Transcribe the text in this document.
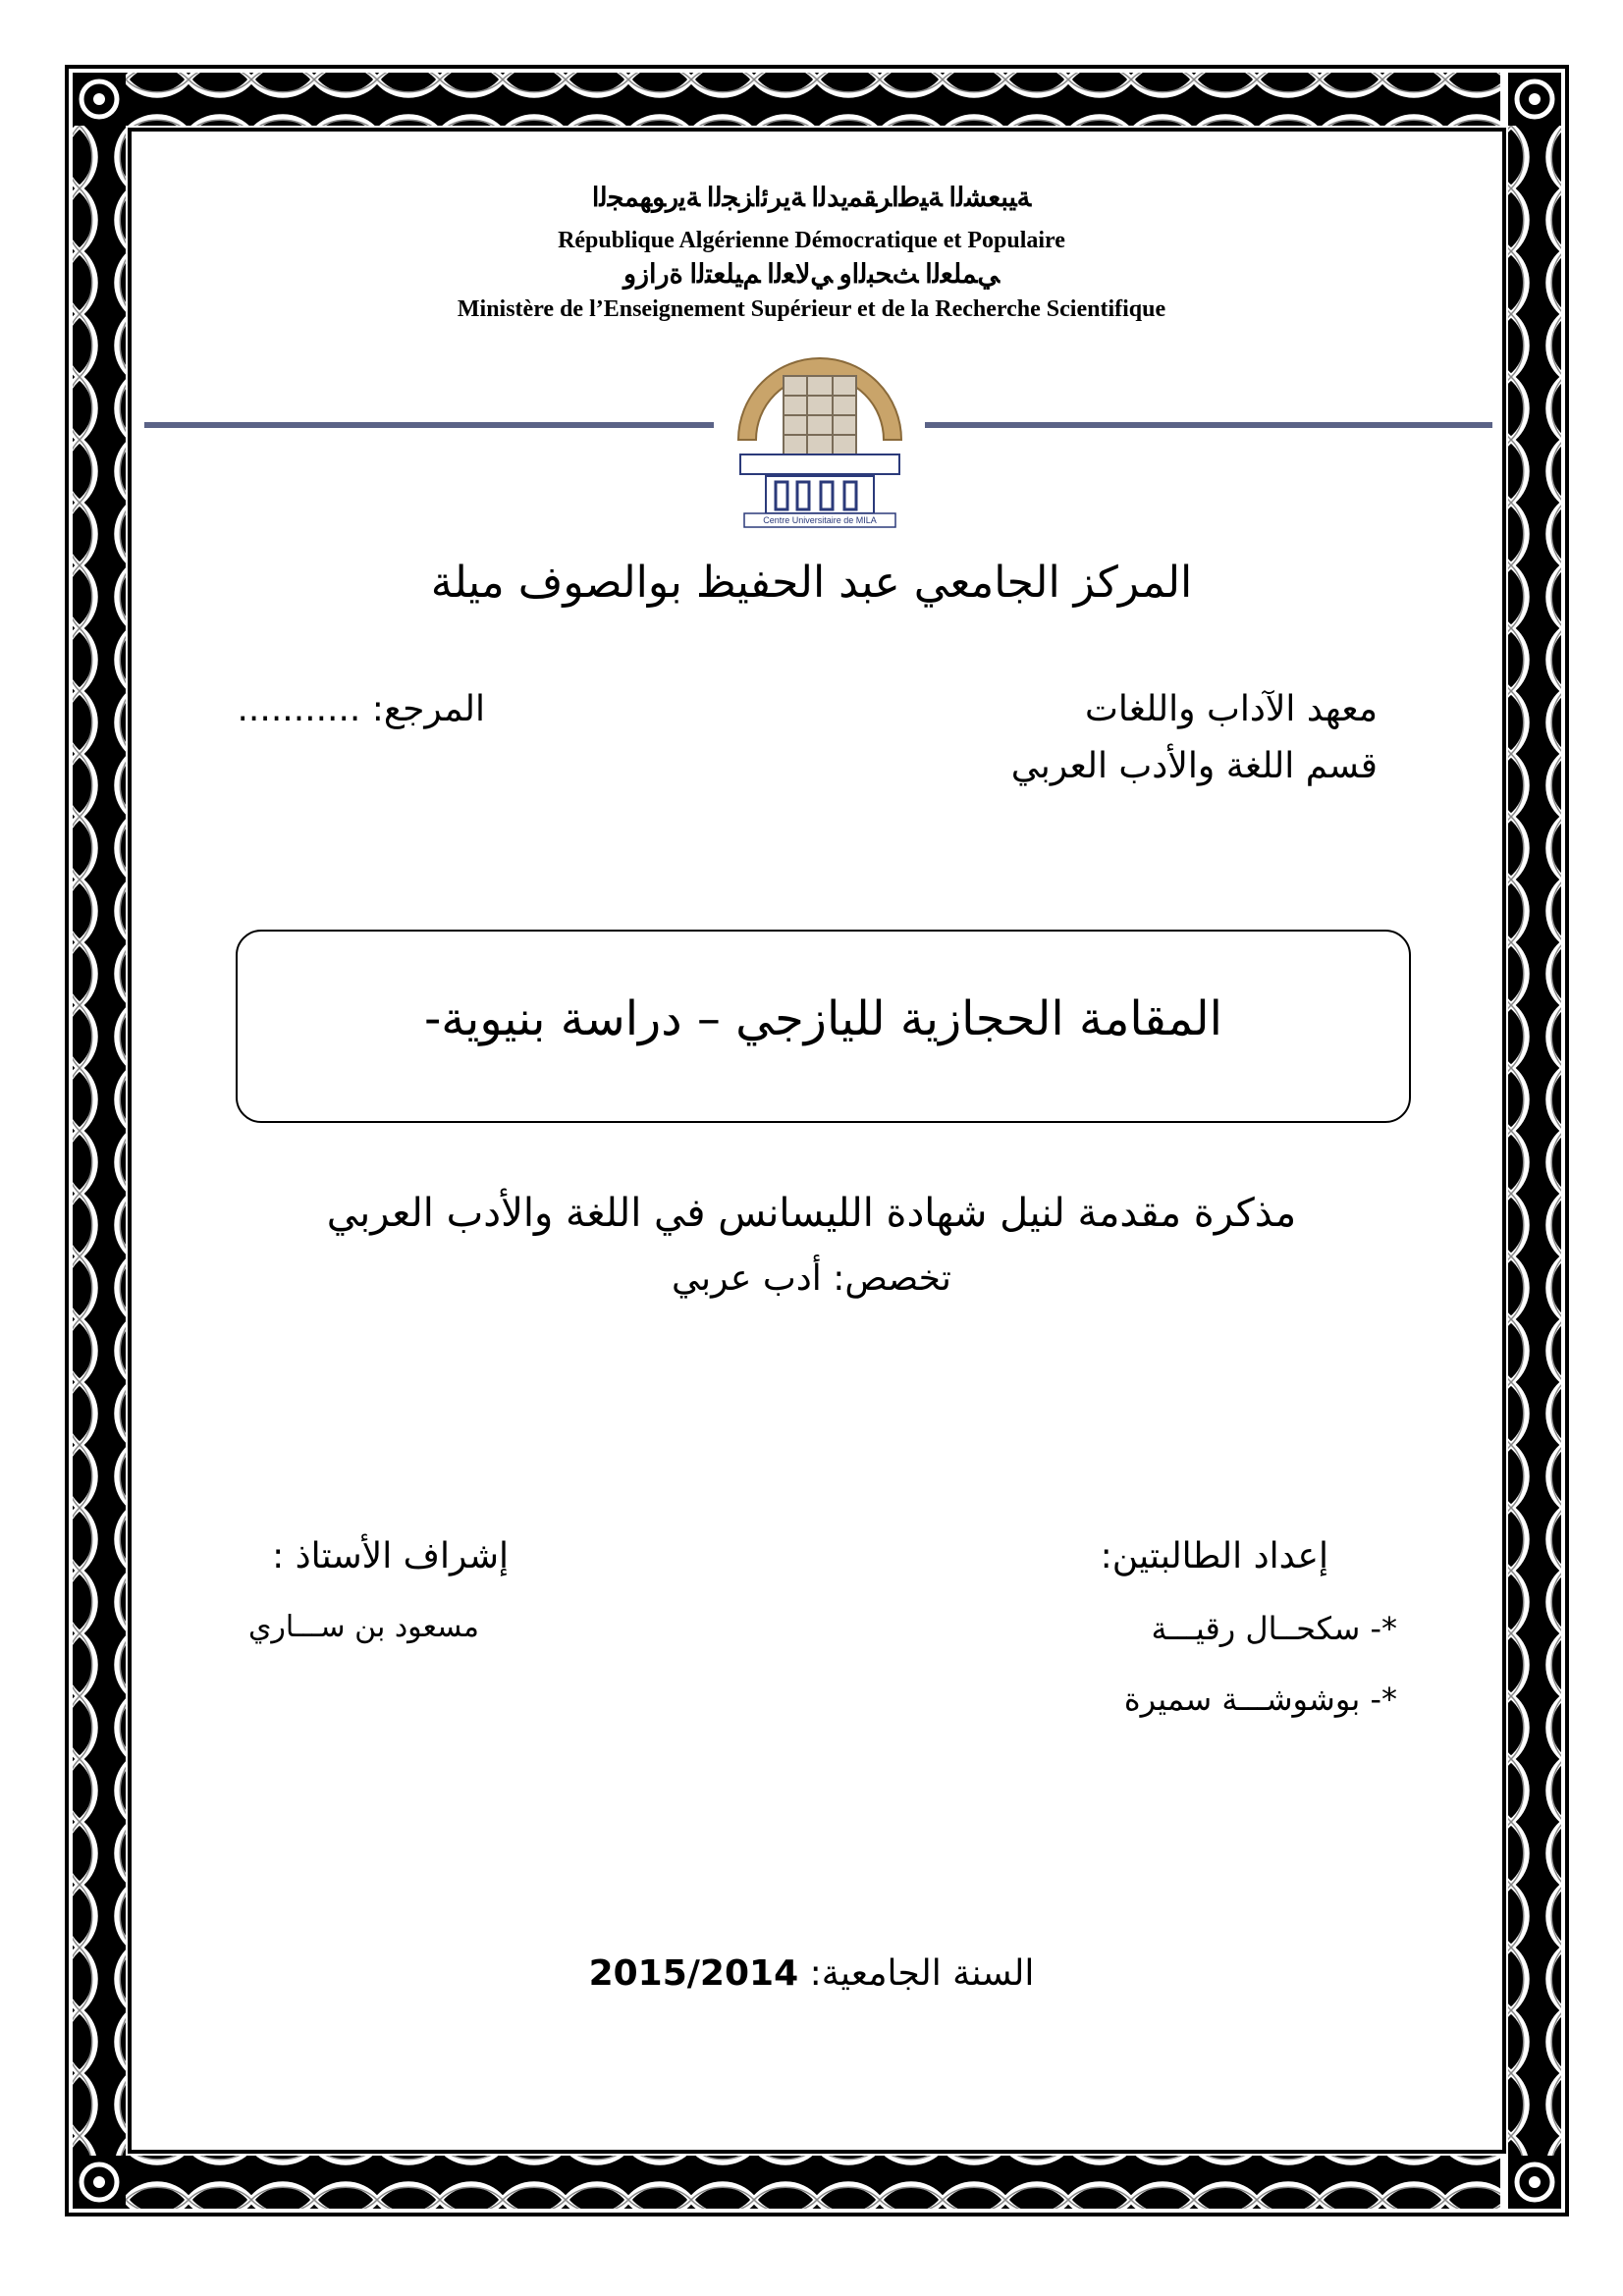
ﺔﻴﺒﻌﺸﻟﺍ ﺔﻴﻃﺍﺮﻘﻤﻳﺪﻟﺍ ﺔﻳﺮﺋﺍﺰﺠﻟﺍ ﺔﻳﺭﻮﻬﻤﺠﻟﺍ
République Algérienne Démocratique et Populaire
ﻲﻤﻠﻌﻟﺍ ﺚﺤﺒﻟﺍﻭ ﻲﻟﺎﻌﻟﺍ ﻢﻴﻠﻌﺘﻟﺍ ﺓﺭﺍﺯﻭ
Ministère de l’Enseignement Supérieur et de la Recherche Scientifique
Centre Universitaire de MILA
المركز الجامعي عبد الحفيظ بوالصوف ميلة
معهد الآداب واللغات
قسم اللغة والأدب العربي
المرجع: ...........
المقامة الحجازية لليازجي – دراسة بنيوية-
مذكرة مقدمة لنيل شهادة الليسانس في اللغة والأدب العربي
تخصص: أدب عربي
إعداد الطالبتين:
*- سكحــال رقيـــة
*- بوشوشـــة سميرة
إشراف الأستاذ :
مسعود بن ســـاري
السنة الجامعية: 2015/2014
